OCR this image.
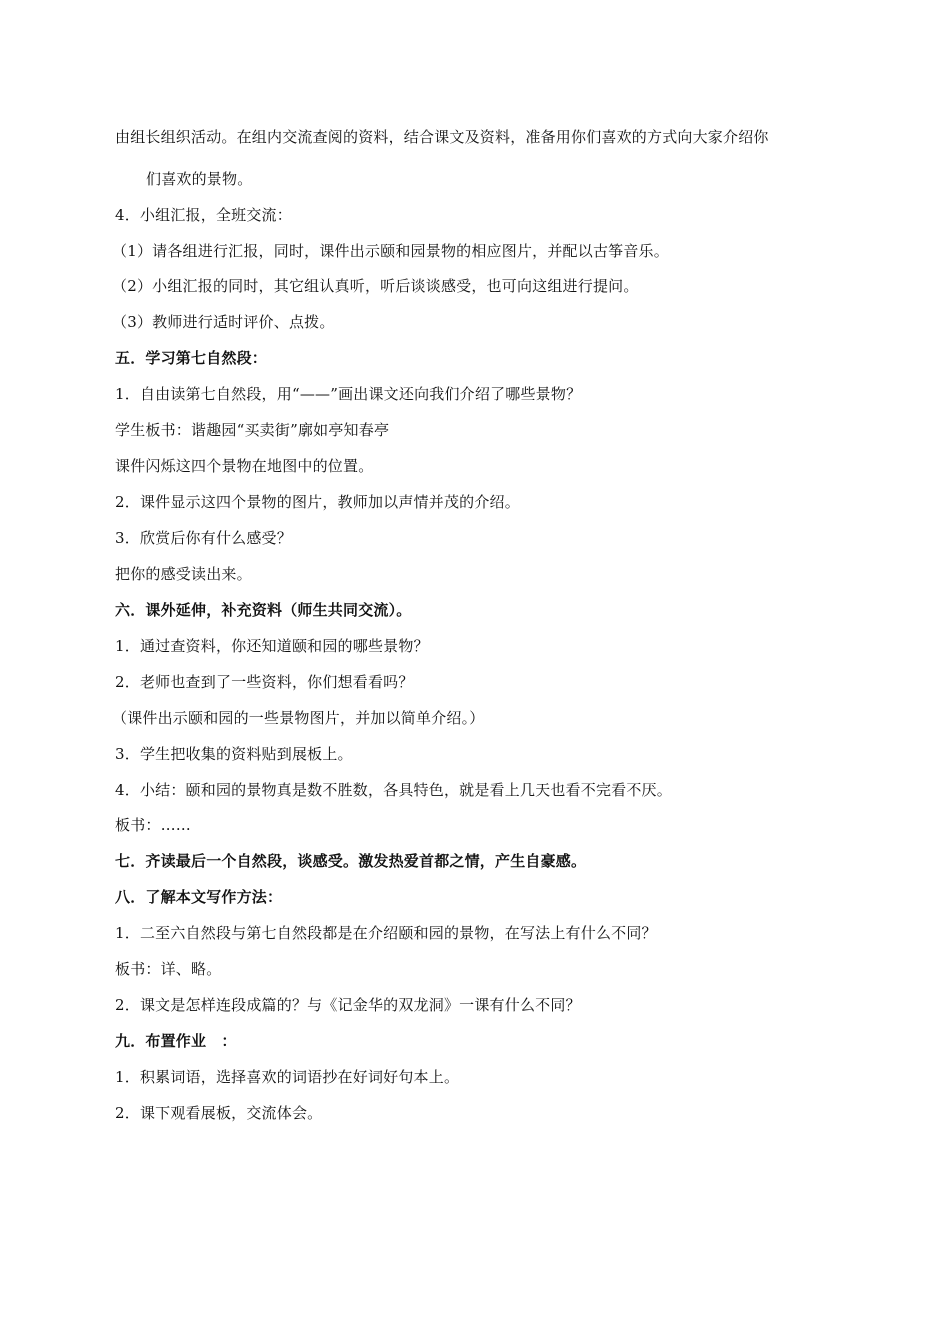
由组长组织活动。在组内交流查阅的资料，结合课文及资料，准备用你们喜欢的方式向大家介绍你
们喜欢的景物。
4．小组汇报，全班交流：
（1）请各组进行汇报，同时，课件出示颐和园景物的相应图片，并配以古筝音乐。
（2）小组汇报的同时，其它组认真听，听后谈谈感受，也可向这组进行提问。
（3）教师进行适时评价、点拨。
五．学习第七自然段：
1．自由读第七自然段，用“——”画出课文还向我们介绍了哪些景物？
学生板书：谐趣园“买卖街”廓如亭知春亭
课件闪烁这四个景物在地图中的位置。
2．课件显示这四个景物的图片，教师加以声情并茂的介绍。
3．欣赏后你有什么感受？
把你的感受读出来。
六．课外延伸，补充资料（师生共同交流）。
1．通过查资料，你还知道颐和园的哪些景物？
2．老师也查到了一些资料，你们想看看吗？
（课件出示颐和园的一些景物图片，并加以简单介绍。）
3．学生把收集的资料贴到展板上。
4．小结：颐和园的景物真是数不胜数，各具特色，就是看上几天也看不完看不厌。
板书：……
七．齐读最后一个自然段，谈感受。激发热爱首都之情，产生自豪感。
八．了解本文写作方法：
1．二至六自然段与第七自然段都是在介绍颐和园的景物，在写法上有什么不同？
板书：详、略。
2．课文是怎样连段成篇的？与《记金华的双龙洞》一课有什么不同？
九．布置作业　：
1．积累词语，选择喜欢的词语抄在好词好句本上。
2．课下观看展板，交流体会。
